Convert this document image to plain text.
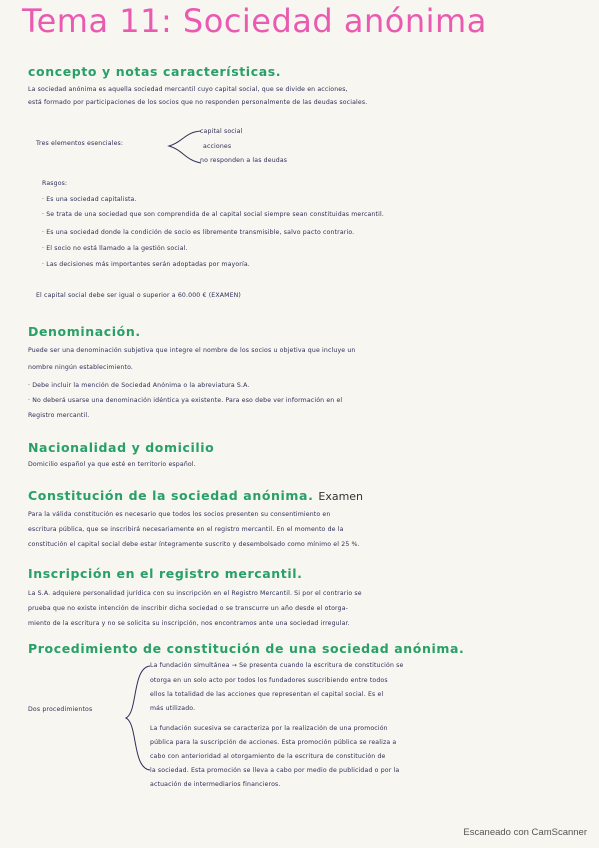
Tema 11: Sociedad anónima
concepto y notas características.
La sociedad anónima es aquella sociedad mercantil cuyo capital social, que se divide en acciones,
está formado por participaciones de los socios que no responden personalmente de las deudas sociales.
Tres elementos esenciales:
capital social
acciones
no responden a las deudas
Rasgos:
· Es una sociedad capitalista.
· Se trata de una sociedad que son comprendida de al capital social siempre sean constituidas mercantil.
· Es una sociedad donde la condición de socio es libremente transmisible, salvo pacto contrario.
· El socio no está llamado a la gestión social.
· Las decisiones más importantes serán adoptadas por mayoría.
El capital social debe ser igual o superior a 60.000 € (EXAMEN)
Denominación.
Puede ser una denominación subjetiva que integre el nombre de los socios u objetiva que incluye un
nombre ningún establecimiento.
· Debe incluir la mención de Sociedad Anónima o la abreviatura S.A.
· No deberá usarse una denominación idéntica ya existente. Para eso debe ver información en el
Registro mercantil.
Nacionalidad y domicilio
Domicilio español ya que esté en territorio español.
Constitución de la sociedad anónima. Examen
Para la válida constitución es necesario que todos los socios presenten su consentimiento en
escritura pública, que se inscribirá necesariamente en el registro mercantil. En el momento de la
constitución el capital social debe estar íntegramente suscrito y desembolsado como mínimo el 25 %.
Inscripción en el registro mercantil.
La S.A. adquiere personalidad jurídica con su inscripción en el Registro Mercantil. Si por el contrario se
prueba que no existe intención de inscribir dicha sociedad o se transcurre un año desde el otorga-
miento de la escritura y no se solicita su inscripción, nos encontramos ante una sociedad irregular.
Procedimiento de constitución de una sociedad anónima.
Dos procedimientos
La fundación simultánea → Se presenta cuando la escritura de constitución se
otorga en un solo acto por todos los fundadores suscribiendo entre todos
ellos la totalidad de las acciones que representan el capital social. Es el
más utilizado.
La fundación sucesiva se caracteriza por la realización de una promoción
pública para la suscripción de acciones. Esta promoción pública se realiza a
cabo con anterioridad al otorgamiento de la escritura de constitución de
la sociedad. Esta promoción se lleva a cabo por medio de publicidad o por la
actuación de intermediarios financieros.
Escaneado con CamScanner
